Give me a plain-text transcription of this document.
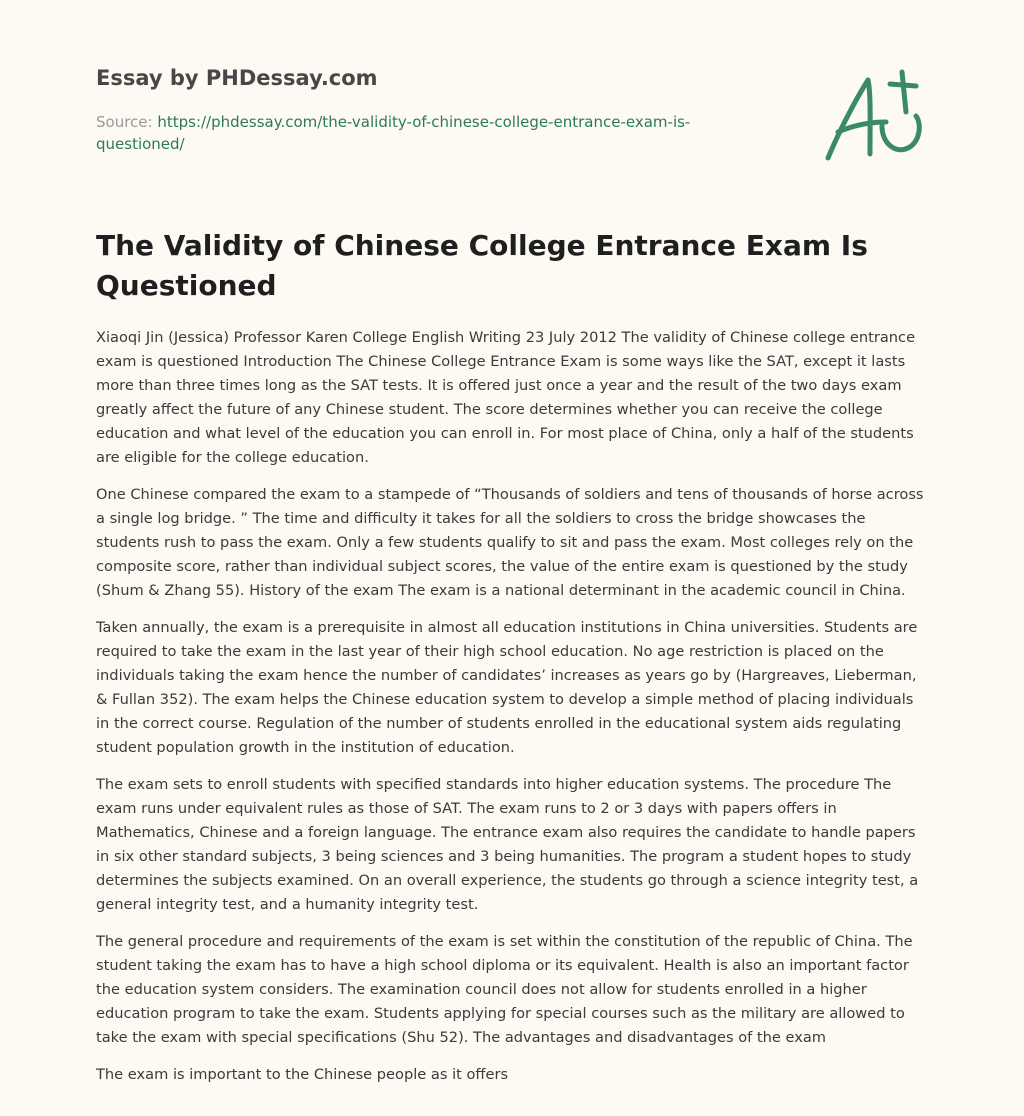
Essay by PHDessay.com
Source: https://phdessay.com/the-validity-of-chinese-college-entrance-exam-is-questioned/
The Validity of Chinese College Entrance Exam Is Questioned

Xiaoqi Jin (Jessica) Professor Karen College English Writing 23 July 2012 The validity of Chinese college entrance exam is questioned Introduction The Chinese College Entrance Exam is some ways like the SAT, except it lasts more than three times long as the SAT tests. It is offered just once a year and the result of the two days exam greatly affect the future of any Chinese student. The score determines whether you can receive the college education and what level of the education you can enroll in. For most place of China, only a half of the students are eligible for the college education.

One Chinese compared the exam to a stampede of “Thousands of soldiers and tens of thousands of horse across a single log bridge. ” The time and difficulty it takes for all the soldiers to cross the bridge showcases the students rush to pass the exam. Only a few students qualify to sit and pass the exam. Most colleges rely on the composite score, rather than individual subject scores, the value of the entire exam is questioned by the study (Shum & Zhang 55). History of the exam The exam is a national determinant in the academic council in China.

Taken annually, the exam is a prerequisite in almost all education institutions in China universities. Students are required to take the exam in the last year of their high school education. No age restriction is placed on the individuals taking the exam hence the number of candidates’ increases as years go by (Hargreaves, Lieberman, & Fullan 352). The exam helps the Chinese education system to develop a simple method of placing individuals in the correct course. Regulation of the number of students enrolled in the educational system aids regulating student population growth in the institution of education.

The exam sets to enroll students with specified standards into higher education systems. The procedure The exam runs under equivalent rules as those of SAT. The exam runs to 2 or 3 days with papers offers in Mathematics, Chinese and a foreign language. The entrance exam also requires the candidate to handle papers in six other standard subjects, 3 being sciences and 3 being humanities. The program a student hopes to study determines the subjects examined. On an overall experience, the students go through a science integrity test, a general integrity test, and a humanity integrity test.

The general procedure and requirements of the exam is set within the constitution of the republic of China. The student taking the exam has to have a high school diploma or its equivalent. Health is also an important factor the education system considers. The examination council does not allow for students enrolled in a higher education program to take the exam. Students applying for special courses such as the military are allowed to take the exam with special specifications (Shu 52). The advantages and disadvantages of the exam

The exam is important to the Chinese people as it offers
